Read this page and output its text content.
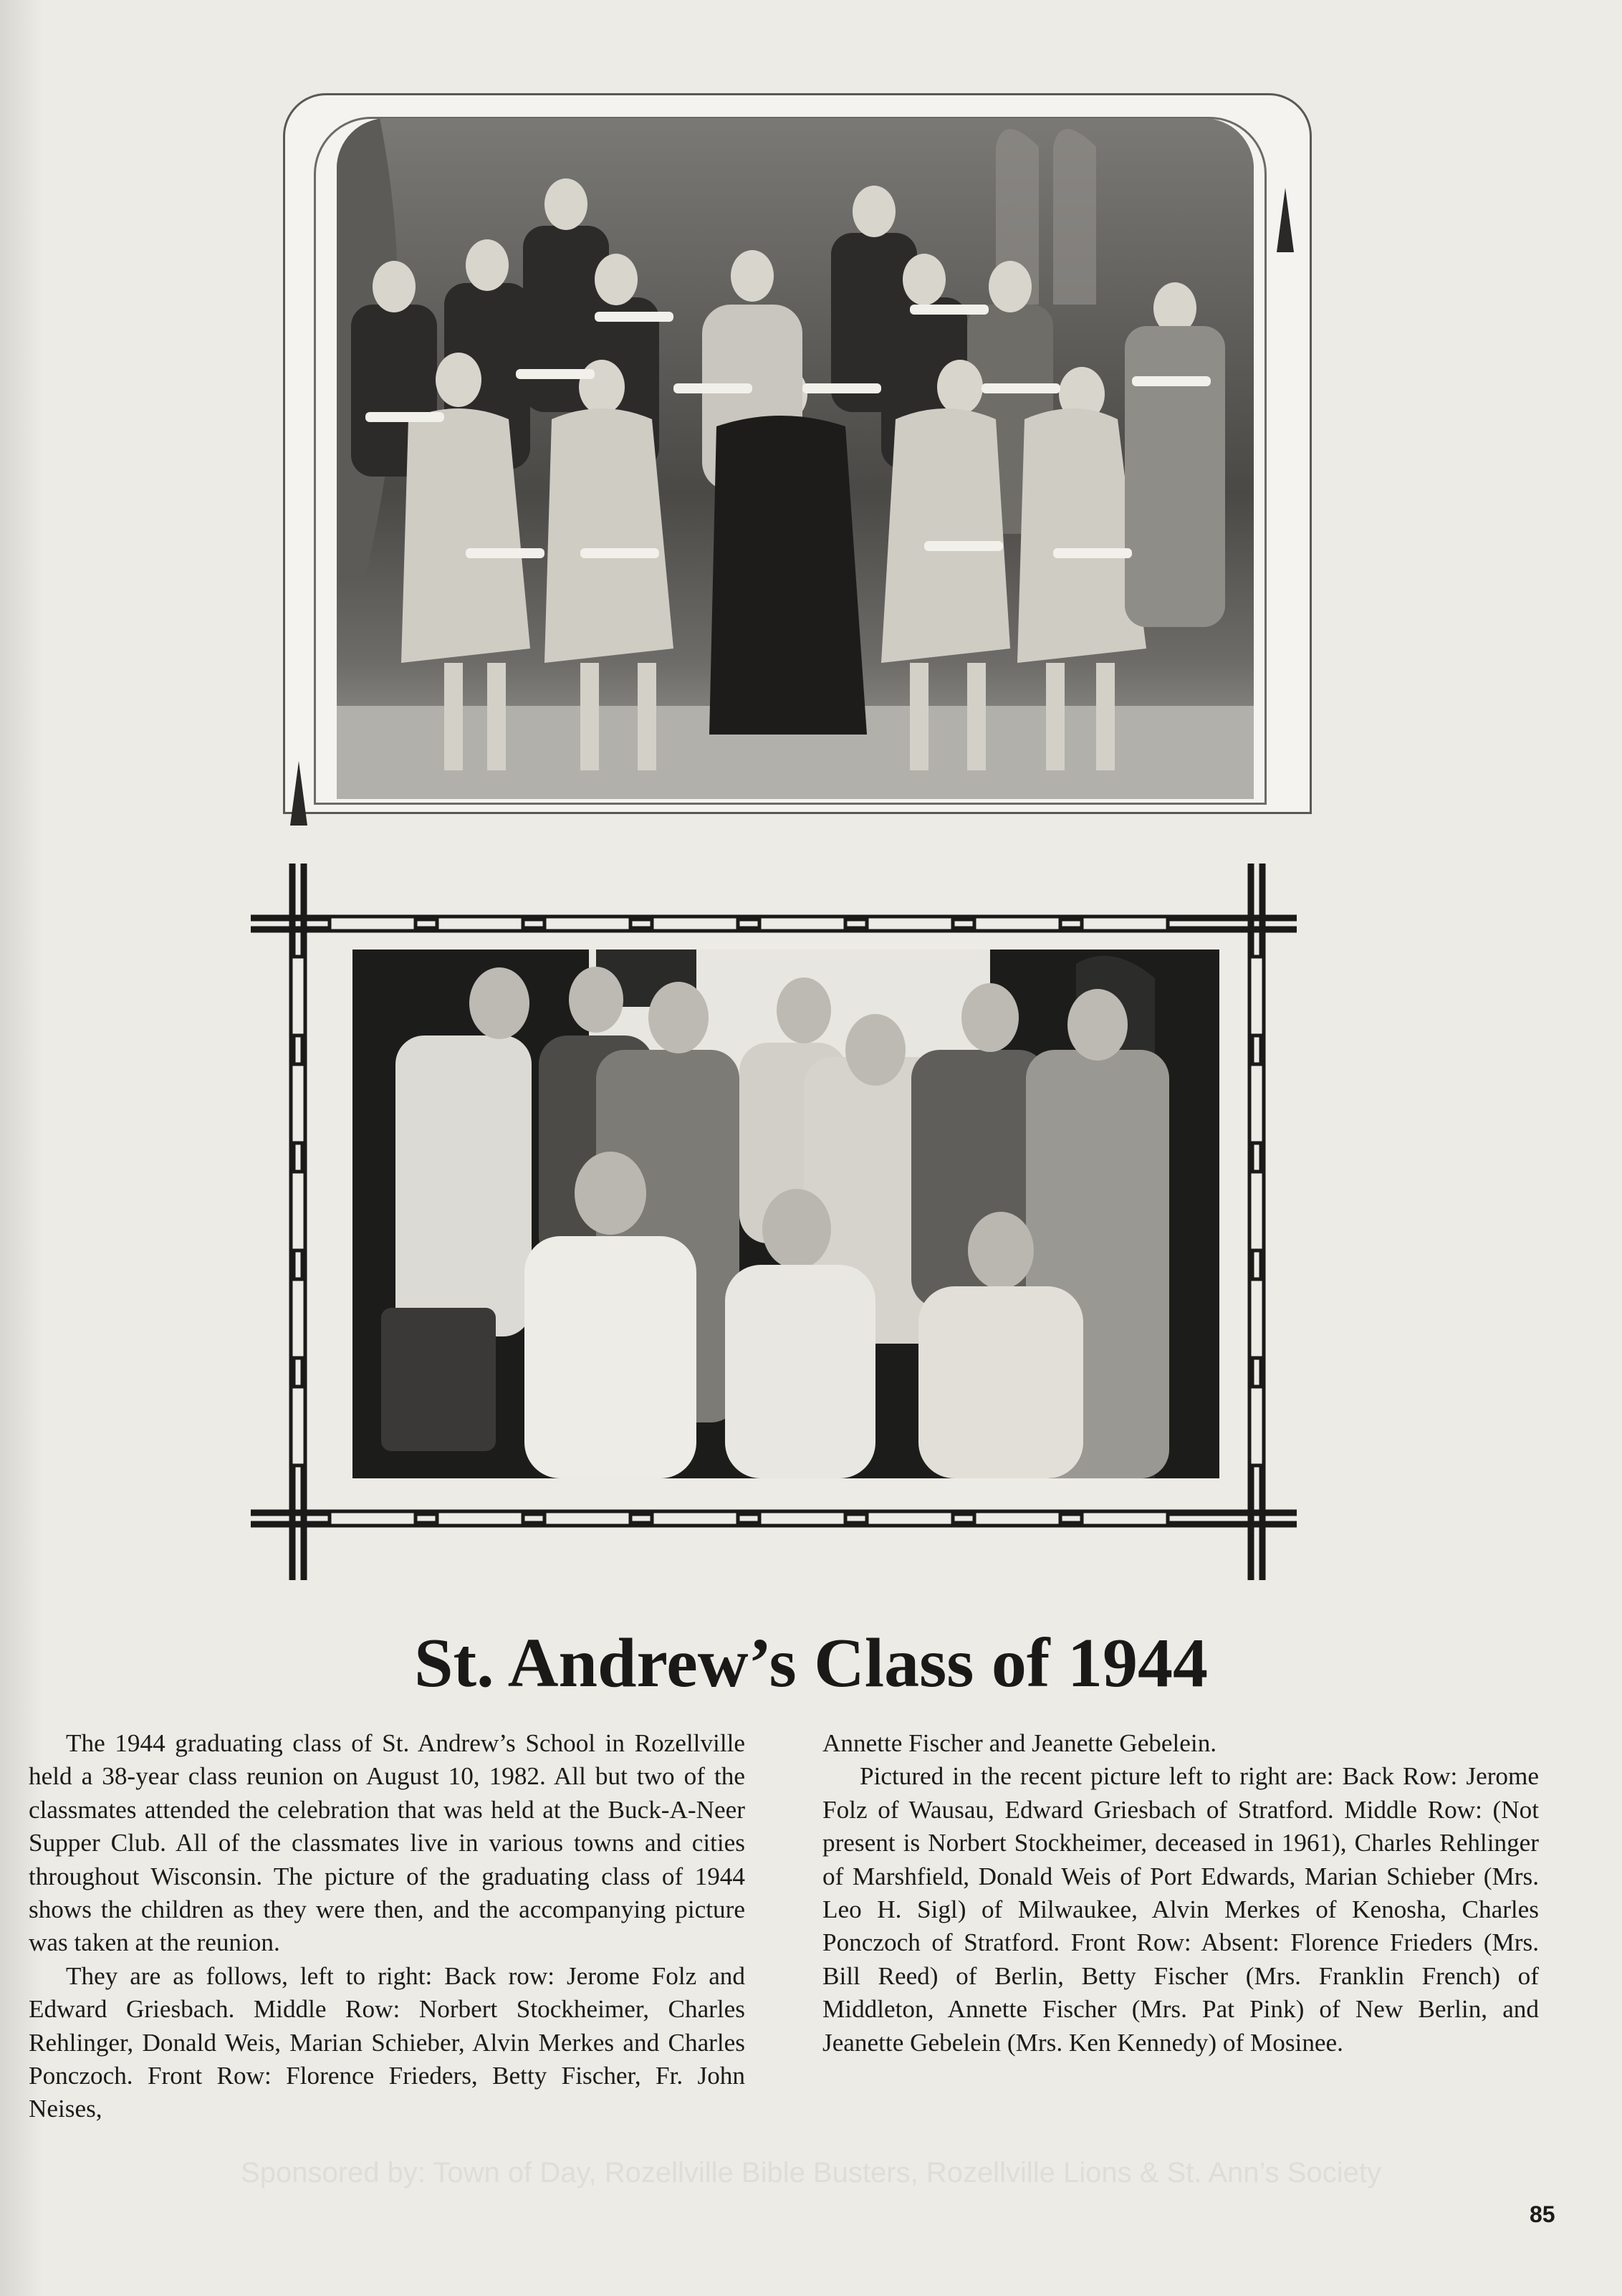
St. Andrew’s Class of 1944

The 1944 graduating class of St. Andrew’s School in Rozellville held a 38-year class reunion on August 10, 1982. All but two of the classmates attended the celebration that was held at the Buck-A-Neer Supper Club. All of the classmates live in various towns and cities throughout Wisconsin. The picture of the graduating class of 1944 shows the children as they were then, and the accompanying picture was taken at the reunion.

They are as follows, left to right: Back row: Jerome Folz and Edward Griesbach. Middle Row: Norbert Stockheimer, Charles Rehlinger, Donald Weis, Marian Schieber, Alvin Merkes and Charles Ponczoch. Front Row: Florence Frieders, Betty Fischer, Fr. John Neises,

Annette Fischer and Jeanette Gebelein.

Pictured in the recent picture left to right are: Back Row: Jerome Folz of Wausau, Edward Griesbach of Stratford. Middle Row: (Not present is Norbert Stockheimer, deceased in 1961), Charles Rehlinger of Marshfield, Donald Weis of Port Edwards, Marian Schieber (Mrs. Leo H. Sigl) of Milwaukee, Alvin Merkes of Kenosha, Charles Ponczoch of Stratford. Front Row: Absent: Florence Frieders (Mrs. Bill Reed) of Berlin, Betty Fischer (Mrs. Franklin French) of Middleton, Annette Fischer (Mrs. Pat Pink) of New Berlin, and Jeanette Gebelein (Mrs. Ken Kennedy) of Mosinee.

Sponsored by: Town of Day, Rozellville Bible Busters, Rozellville Lions & St. Ann’s Society
85
